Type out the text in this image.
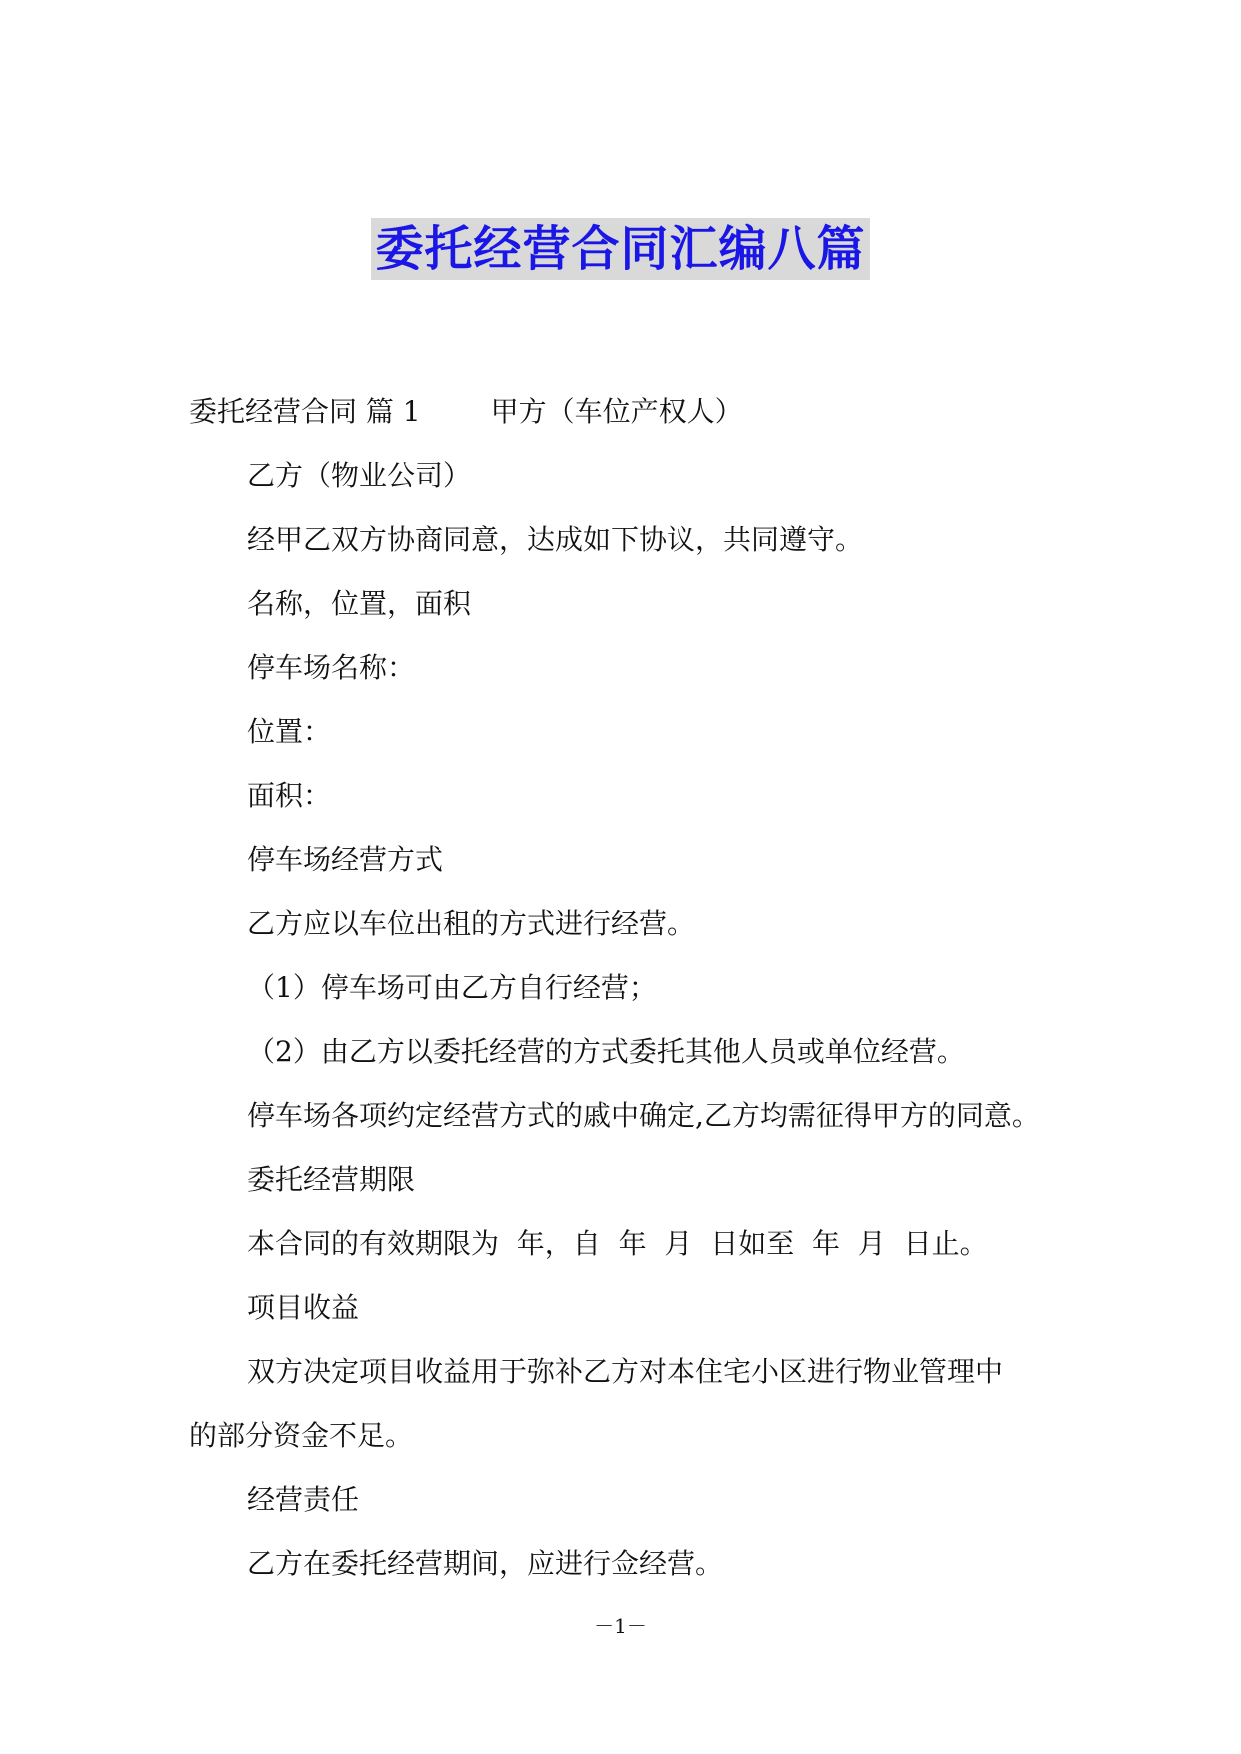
委托经营合同汇编八篇
委托经营合同 篇 1	甲方（车位产权人）
乙方（物业公司）
经甲乙双方协商同意，达成如下协议，共同遵守。
名称，位置，面积
停车场名称：
位置：
面积：
停车场经营方式
乙方应以车位出租的方式进行经营。
（1）停车场可由乙方自行经营；
（2）由乙方以委托经营的方式委托其他人员或单位经营。
停车场各项约定经营方式的戚中确定,乙方均需征得甲方的同意。
委托经营期限
本合同的有效期限为  年，自  年  月  日如至  年  月  日止。
项目收益
双方决定项目收益用于弥补乙方对本住宅小区进行物业管理中
的部分资金不足。
经营责任
乙方在委托经营期间，应进行佥经营。
－1－
